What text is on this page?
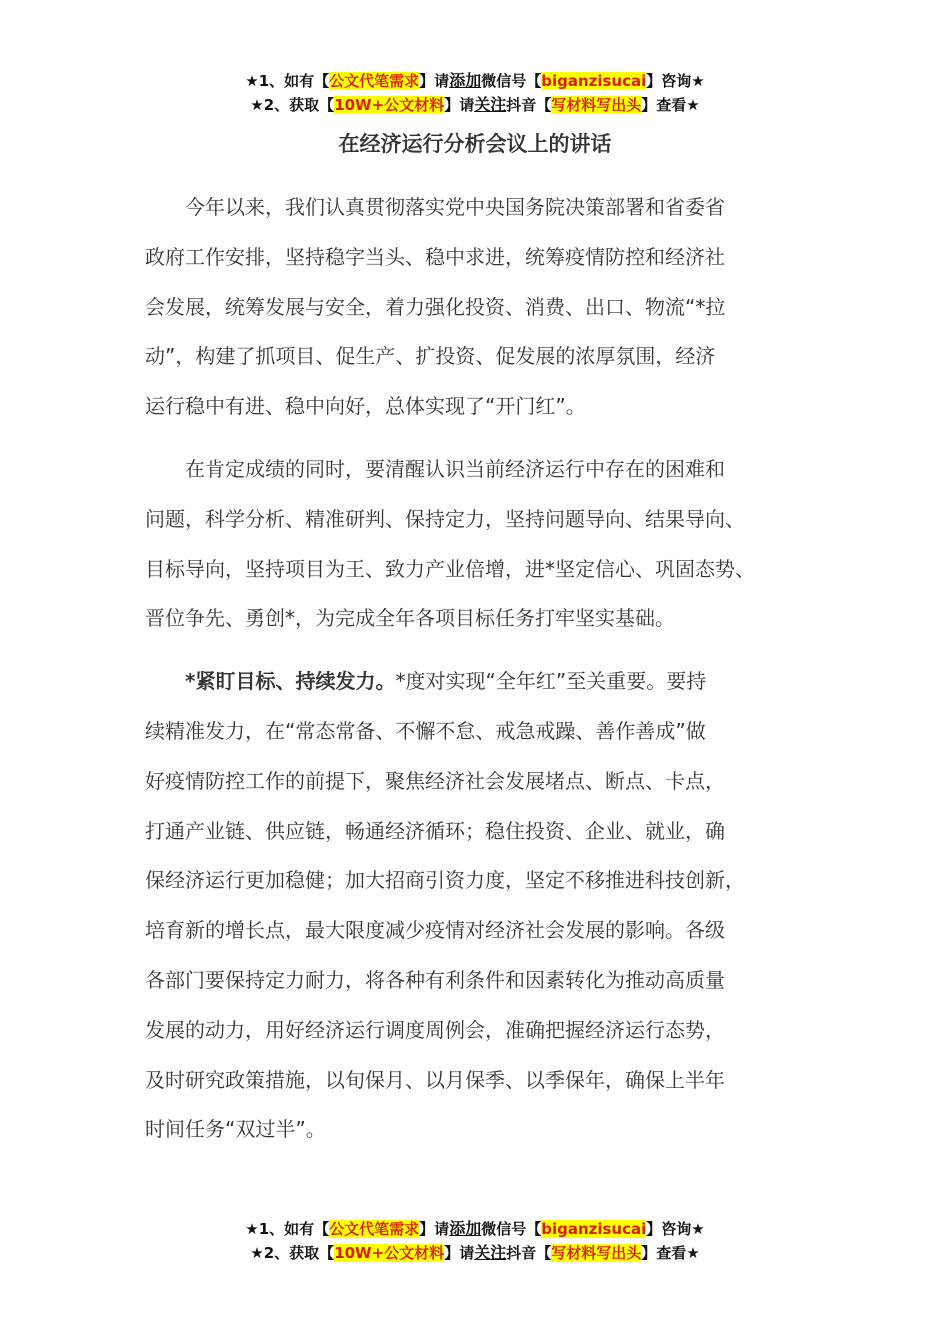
★1、如有【公文代笔需求】请添加微信号【biganzisucai】咨询★
★2、获取【10W+公文材料】请关注抖音【写材料写出头】查看★
在经济运行分析会议上的讲话
今年以来，我们认真贯彻落实党中央国务院决策部署和省委省
政府工作安排，坚持稳字当头、稳中求进，统筹疫情防控和经济社
会发展，统筹发展与安全，着力强化投资、消费、出口、物流“*拉
动”，构建了抓项目、促生产、扩投资、促发展的浓厚氛围，经济
运行稳中有进、稳中向好，总体实现了“开门红”。
在肯定成绩的同时，要清醒认识当前经济运行中存在的困难和
问题，科学分析、精准研判、保持定力，坚持问题导向、结果导向、
目标导向，坚持项目为王、致力产业倍增，进*坚定信心、巩固态势、
晋位争先、勇创*，为完成全年各项目标任务打牢坚实基础。
*紧盯目标、持续发力。*度对实现“全年红”至关重要。要持
续精准发力，在“常态常备、不懈不怠、戒急戒躁、善作善成”做
好疫情防控工作的前提下，聚焦经济社会发展堵点、断点、卡点，
打通产业链、供应链，畅通经济循环；稳住投资、企业、就业，确
保经济运行更加稳健；加大招商引资力度，坚定不移推进科技创新，
培育新的增长点，最大限度减少疫情对经济社会发展的影响。各级
各部门要保持定力耐力，将各种有利条件和因素转化为推动高质量
发展的动力，用好经济运行调度周例会，准确把握经济运行态势，
及时研究政策措施，以旬保月、以月保季、以季保年，确保上半年
时间任务“双过半”。
★1、如有【公文代笔需求】请添加微信号【biganzisucai】咨询★
★2、获取【10W+公文材料】请关注抖音【写材料写出头】查看★
